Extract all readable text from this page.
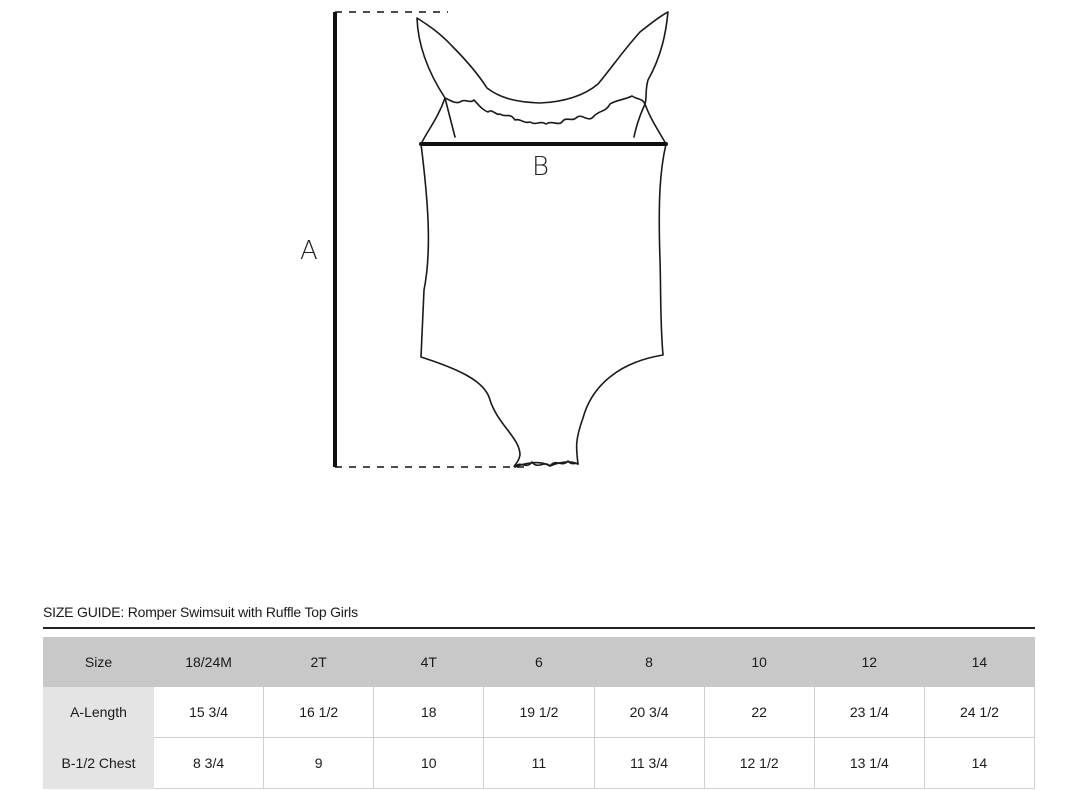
A
B
SIZE GUIDE: Romper Swimsuit with Ruffle Top Girls
Size	18/24M	2T	4T	6	8	10	12	14
A-Length	15 3/4	16 1/2	18	19 1/2	20 3/4	22	23 1/4	24 1/2
B-1/2 Chest	8 3/4	9	10	11	11 3/4	12 1/2	13 1/4	14
